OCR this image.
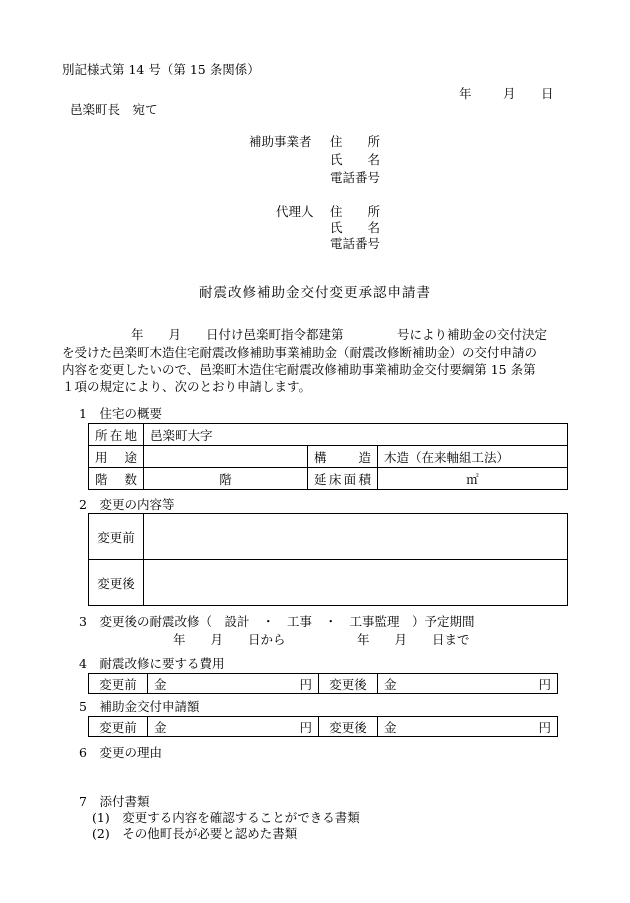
別記様式第 14 号（第 15 条関係）
年	月 日
邑楽町長　宛て
補助事業者 住　　所
氏　　名
電話番号
代理人 住　　所
氏　　名
電話番号
耐震改修補助金交付変更承認申請書
年　　月　　日付け邑楽町指令都建第	号により補助金の交付決定
を受けた邑楽町木造住宅耐震改修補助事業補助金（耐震改修断補助金）の交付申請の
内容を変更したいので、邑楽町木造住宅耐震改修補助事業補助金交付要綱第 15 条第
１項の規定により、次のとおり申請します。
1　住宅の概要
所在地	邑楽町大字		
用　途		構　　造	木造（在来軸組工法）
階　数	階	延床面積	㎡
2　変更の内容等
変更前	
変更後	
3　変更後の耐震改修（　設計　・　工事　・　工事監理　）予定期間
年　　月　　日から	年　　月　　日まで
4　耐震改修に要する費用
変更前	金	円	変更後	金	円
5　補助金交付申請額
変更前	金	円	変更後	金	円
6　変更の理由
7　添付書類
(1)　変更する内容を確認することができる書類
(2)　その他町長が必要と認めた書類
